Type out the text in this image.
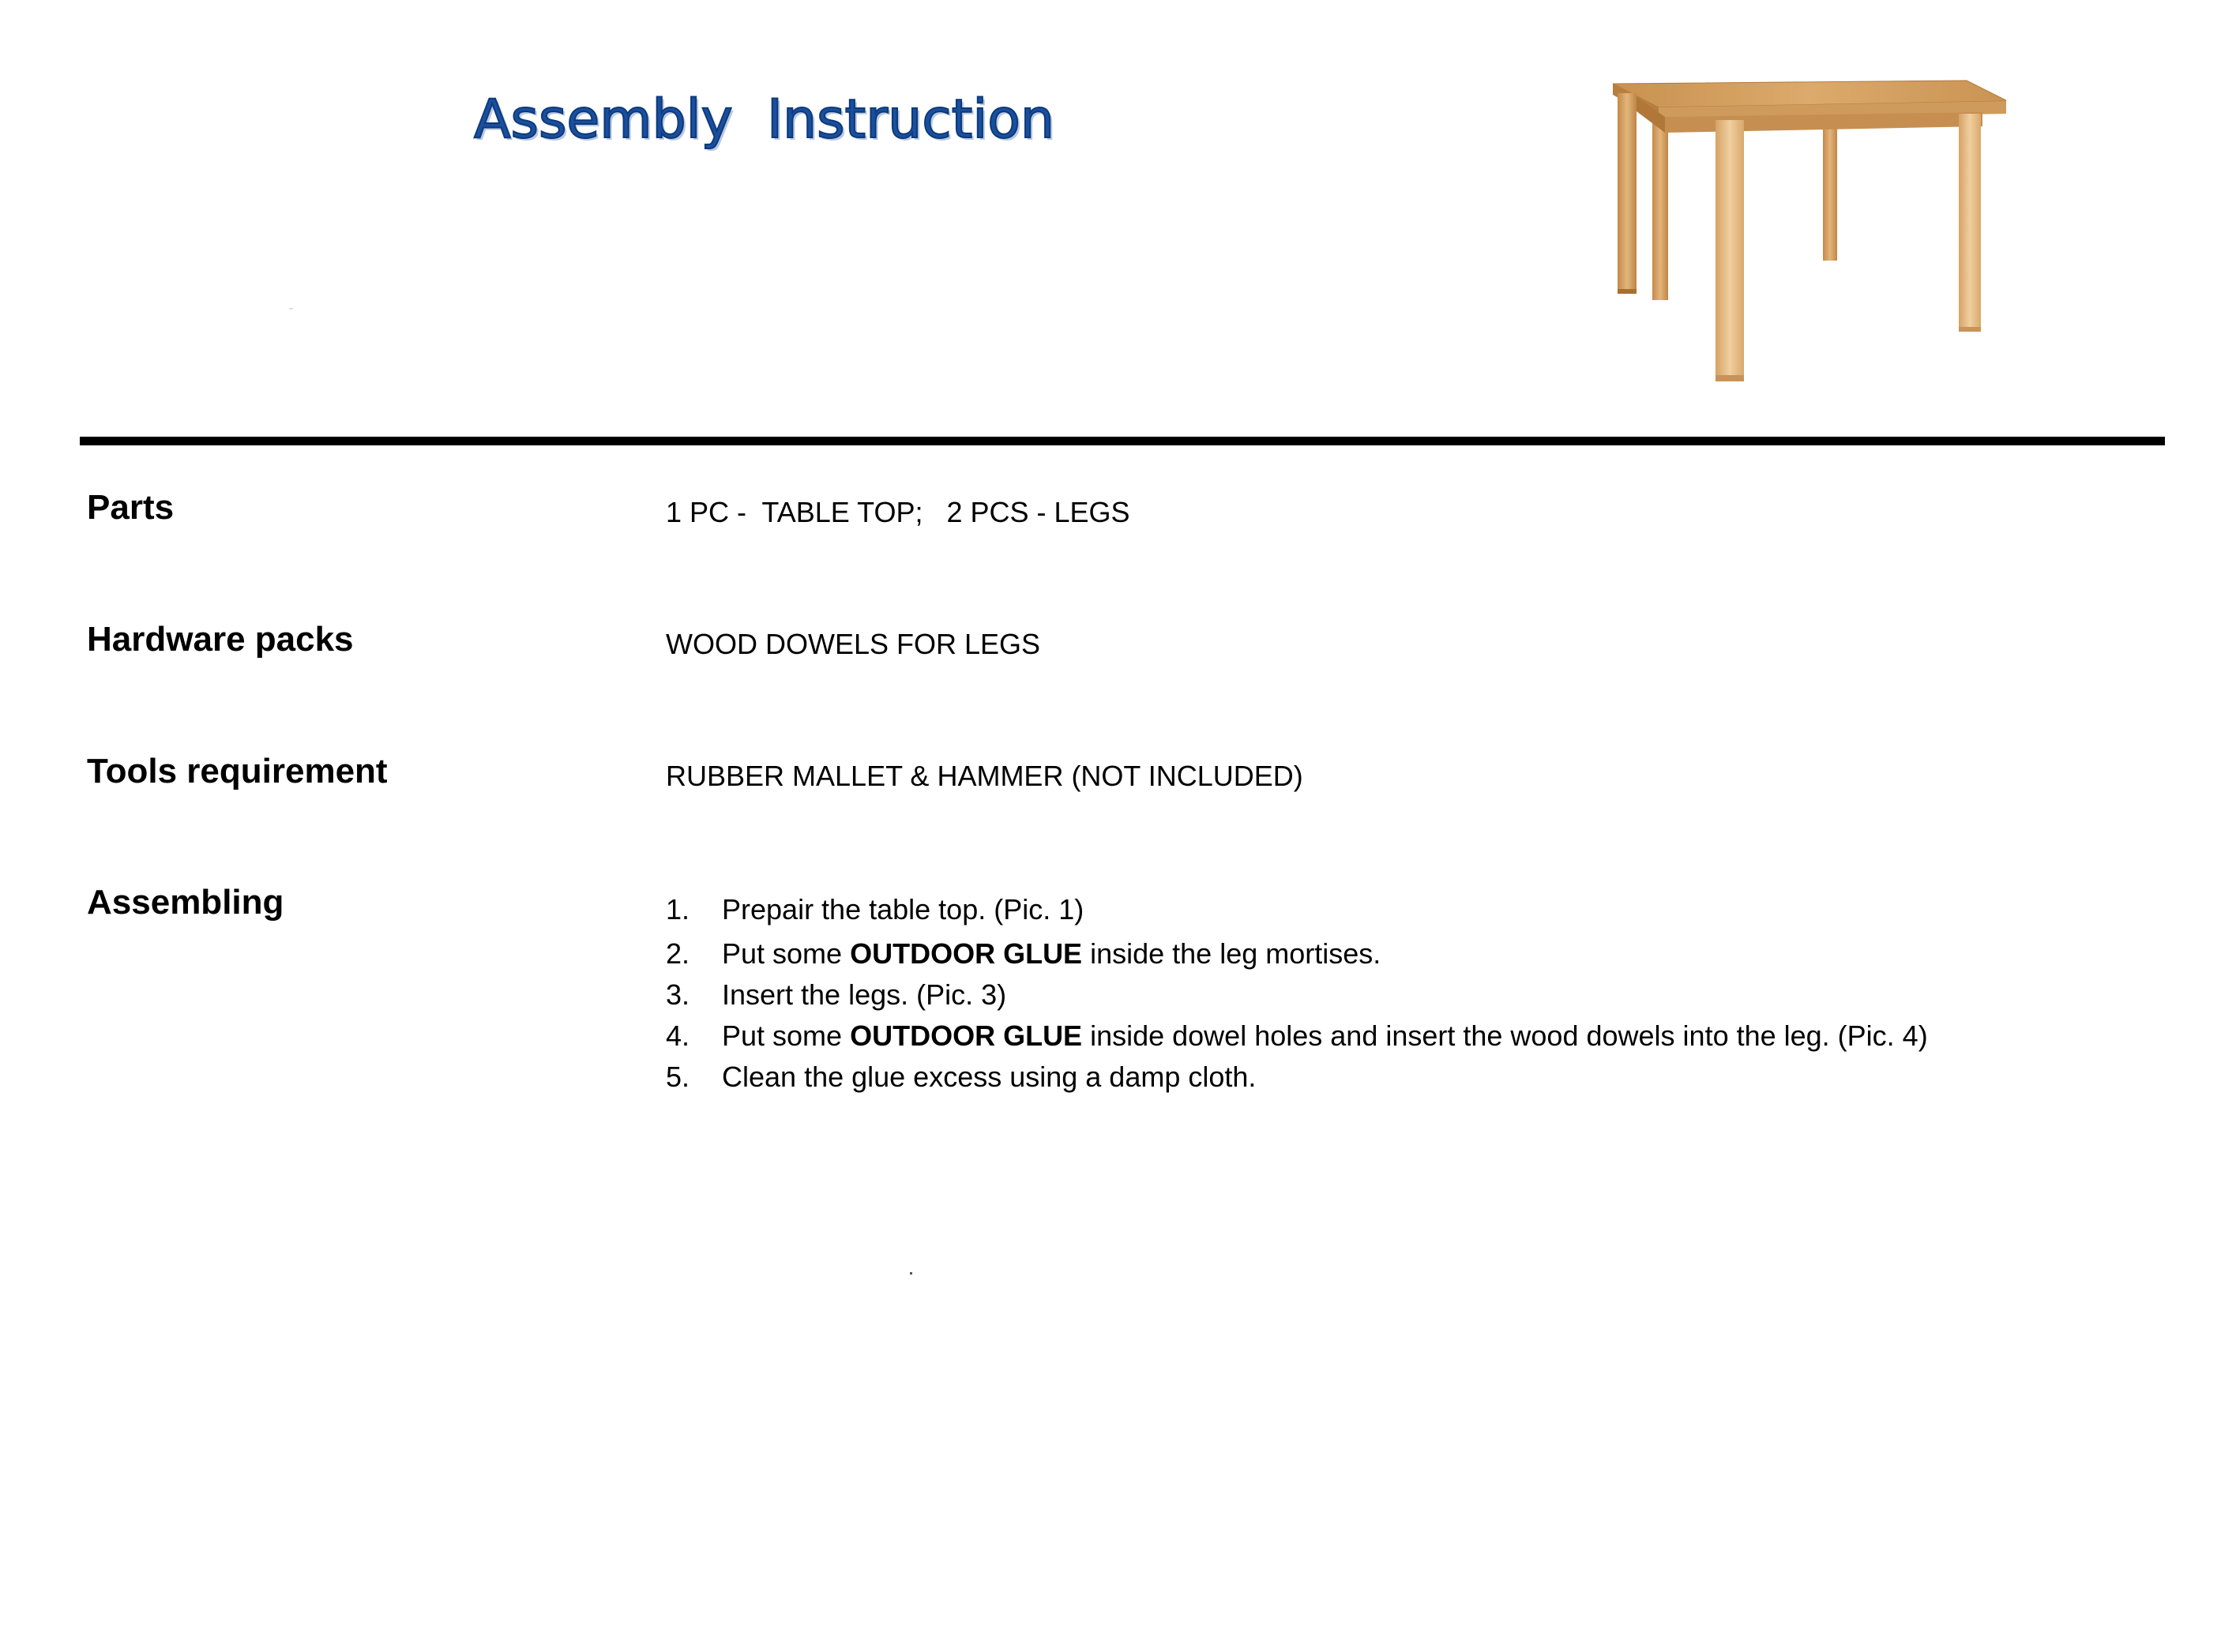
Assembly  Instruction
Parts	1 PC -  TABLE TOP;   2 PCS - LEGS

Hardware packs	WOOD DOWELS FOR LEGS

Tools requirement	RUBBER MALLET & HAMMER (NOT INCLUDED)

Assembling	1.	Prepair the table top. (Pic. 1)
2.	Put some OUTDOOR GLUE inside the leg mortises.
3.	Insert the legs. (Pic. 3)
4.	Put some OUTDOOR GLUE inside dowel holes and insert the wood dowels into the leg. (Pic. 4)
5.	Clean the glue excess using a damp cloth.
